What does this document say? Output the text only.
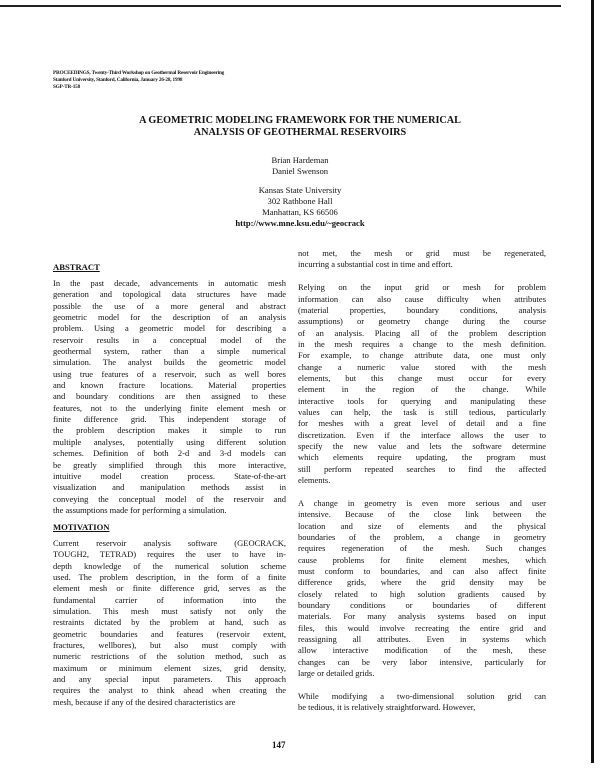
PROCEEDINGS, Twenty-Third Workshop on Geothermal Reservoir Engineering
Stanford University, Stanford, California, January 26-28, 1998
SGP-TR-158
A GEOMETRIC MODELING FRAMEWORK FOR THE NUMERICAL
ANALYSIS OF GEOTHERMAL RESERVOIRS
Brian Hardeman
Daniel Swenson
Kansas State University
302 Rathbone Hall
Manhattan, KS 66506
http://www.mne.ksu.edu/~geocrack
ABSTRACT
In the past decade, advancements in automatic mesh
generation and topological data structures have made
possible the use of a more general and abstract
geometric model for the description of an analysis
problem. Using a geometric model for describing a
reservoir results in a conceptual model of the
geothermal system, rather than a simple numerical
simulation. The analyst builds the geometric model
using true features of a reservoir, such as well bores
and known fracture locations. Material properties
and boundary conditions are then assigned to these
features, not to the underlying finite element mesh or
finite difference grid. This independent storage of
the problem description makes it simple to run
multiple analyses, potentially using different solution
schemes. Definition of both 2-d and 3-d models can
be greatly simplified through this more interactive,
intuitive model creation process. State-of-the-art
visualization and manipulation methods assist in
conveying the conceptual model of the reservoir and
the assumptions made for performing a simulation.
MOTIVATION
Current reservoir analysis software (GEOCRACK,
TOUGH2, TETRAD) requires the user to have in-
depth knowledge of the numerical solution scheme
used. The problem description, in the form of a finite
element mesh or finite difference grid, serves as the
fundamental carrier of information into the
simulation. This mesh must satisfy not only the
restraints dictated by the problem at hand, such as
geometric boundaries and features (reservoir extent,
fractures, wellbores), but also must comply with
numeric restrictions of the solution method, such as
maximum or minimum element sizes, grid density,
and any special input parameters. This approach
requires the analyst to think ahead when creating the
mesh, because if any of the desired characteristics are
not met, the mesh or grid must be regenerated,
incurring a substantial cost in time and effort.
Relying on the input grid or mesh for problem
information can also cause difficulty when attributes
(material properties, boundary conditions, analysis
assumptions) or geometry change during the course
of an analysis. Placing all of the problem description
in the mesh requires a change to the mesh definition.
For example, to change attribute data, one must only
change a numeric value stored with the mesh
elements, but this change must occur for every
element in the region of the change. While
interactive tools for querying and manipulating these
values can help, the task is still tedious, particularly
for meshes with a great level of detail and a fine
discretization. Even if the interface allows the user to
specify the new value and lets the software determine
which elements require updating, the program must
still perform repeated searches to find the affected
elements.
A change in geometry is even more serious and user
intensive. Because of the close link between the
location and size of elements and the physical
boundaries of the problem, a change in geometry
requires regeneration of the mesh. Such changes
cause problems for finite element meshes, which
must conform to boundaries, and can also affect finite
difference grids, where the grid density may be
closely related to high solution gradients caused by
boundary conditions or boundaries of different
materials. For many analysis systems based on input
files, this would involve recreating the entire grid and
reassigning all attributes. Even in systems which
allow interactive modification of the mesh, these
changes can be very labor intensive, particularly for
large or detailed grids.
While modifying a two-dimensional solution grid can
be tedious, it is relatively straightforward. However,
147
